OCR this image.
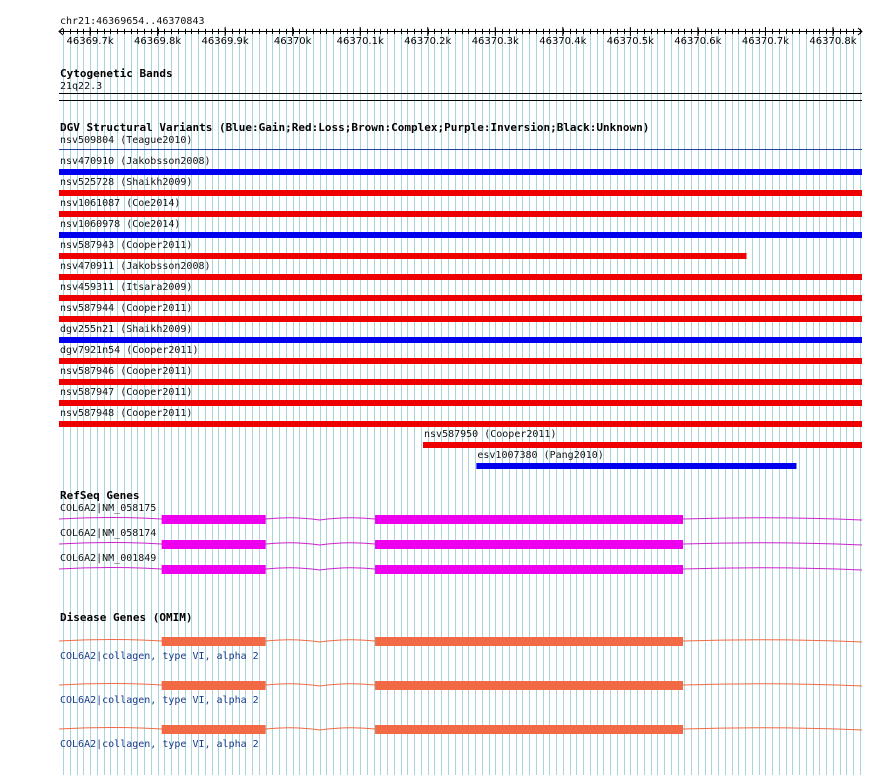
chr21:46369654..46370843
46369.7k 46369.8k 46369.9k	46370k	46370.1k 46370.2k 46370.3k 46370.4k 46370.5k 46370.6k 46370.7k 46370.8k
Cytogenetic Bands
21q22.3
DGV Structural Variants (Blue:Gain;Red:Loss;Brown:Complex;Purple:Inversion;Black:Unknown)
nsv509804 (Teague2010)
nsv470910 (Jakobsson2008)
nsv525728 (Shaikh2009)
nsv1061087 (Coe2014)
nsv1060978 (Coe2014)
nsv587943 (Cooper2011)
nsv470911 (Jakobsson2008)
nsv459311 (Itsara2009)
nsv587944 (Cooper2011)
dgv255n21 (Shaikh2009)
dgv7921n54 (Cooper2011)
nsv587946 (Cooper2011)
nsv587947 (Cooper2011)
nsv587948 (Cooper2011)
nsv587950 (Cooper2011)
esv1007380 (Pang2010)
RefSeq Genes
COL6A2|NM_058175
COL6A2|NM_058174
COL6A2|NM_001849
Disease Genes (OMIM)
COL6A2|collagen, type VI, alpha 2
COL6A2|collagen, type VI, alpha 2
COL6A2|collagen, type VI, alpha 2
